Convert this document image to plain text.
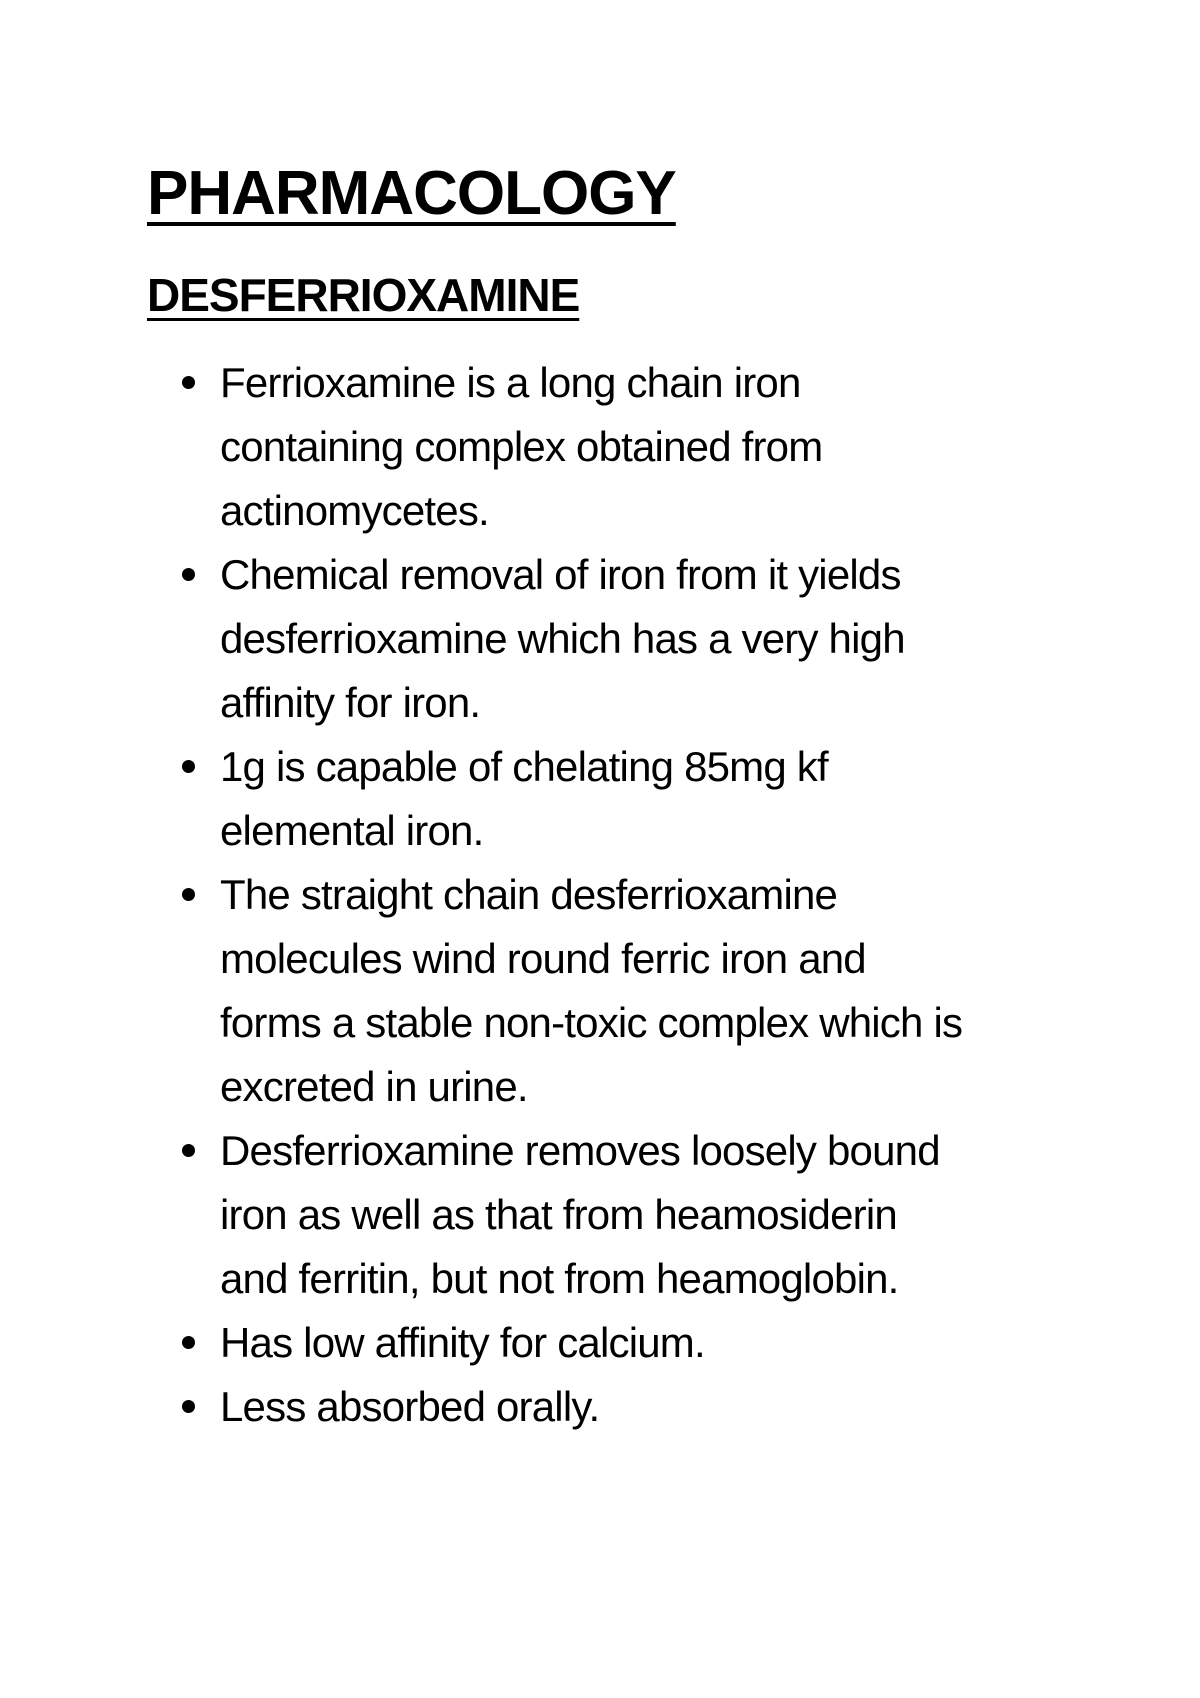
PHARMACOLOGY
DESFERRIOXAMINE
Ferrioxamine is a long chain iron
containing complex obtained from
actinomycetes.
Chemical removal of iron from it yields
desferrioxamine which has a very high
affinity for iron.
1g is capable of chelating 85mg kf
elemental iron.
The straight chain desferrioxamine
molecules wind round ferric iron and
forms a stable non-toxic complex which is
excreted in urine.
Desferrioxamine removes loosely bound
iron as well as that from heamosiderin
and ferritin, but not from heamoglobin.
Has low affinity for calcium.
Less absorbed orally.
